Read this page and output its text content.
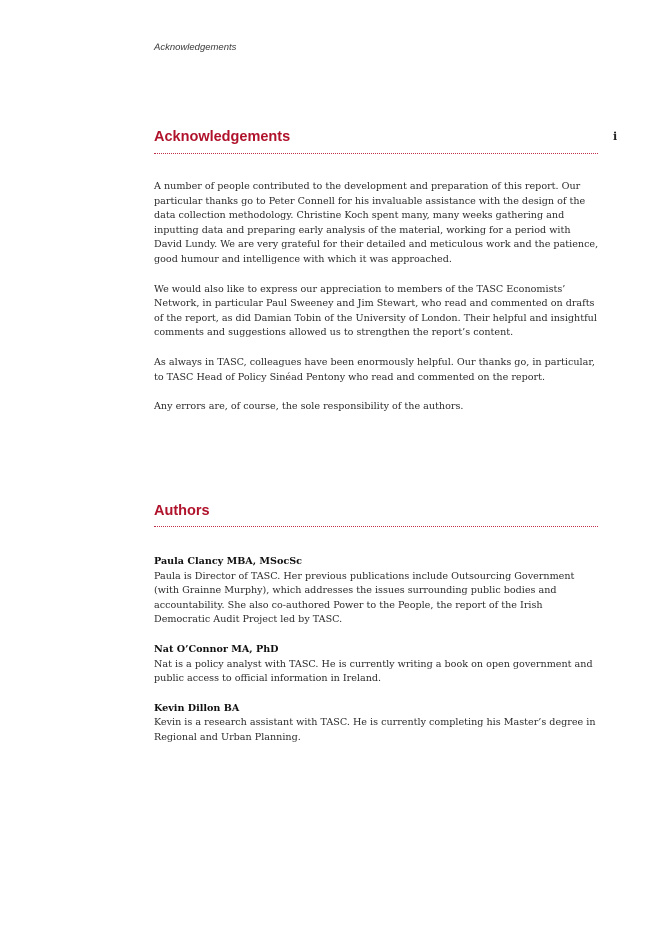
Acknowledgements
i
Acknowledgements

A number of people contributed to the development and preparation of this report. Our particular thanks go to Peter Connell for his invaluable assistance with the design of the data collection methodology. Christine Koch spent many, many weeks gathering and inputting data and preparing early analysis of the material, working for a period with David Lundy. We are very grateful for their detailed and meticulous work and the patience, good humour and intelligence with which it was approached.

We would also like to express our appreciation to members of the TASC Economists’ Network, in particular Paul Sweeney and Jim Stewart, who read and commented on drafts of the report, as did Damian Tobin of the University of London. Their helpful and insightful comments and suggestions allowed us to strengthen the report’s content.

As always in TASC, colleagues have been enormously helpful. Our thanks go, in particular, to TASC Head of Policy Sinéad Pentony who read and commented on the report.

Any errors are, of course, the sole responsibility of the authors.

Authors
Paula Clancy MBA, MSocSc

Paula is Director of TASC. Her previous publications include Outsourcing Government (with Grainne Murphy), which addresses the issues surrounding public bodies and accountability. She also co-authored Power to the People, the report of the Irish Democratic Audit Project led by TASC.

Nat O’Connor MA, PhD

Nat is a policy analyst with TASC. He is currently writing a book on open government and public access to official information in Ireland.

Kevin Dillon BA

Kevin is a research assistant with TASC. He is currently completing his Master’s degree in Regional and Urban Planning.
